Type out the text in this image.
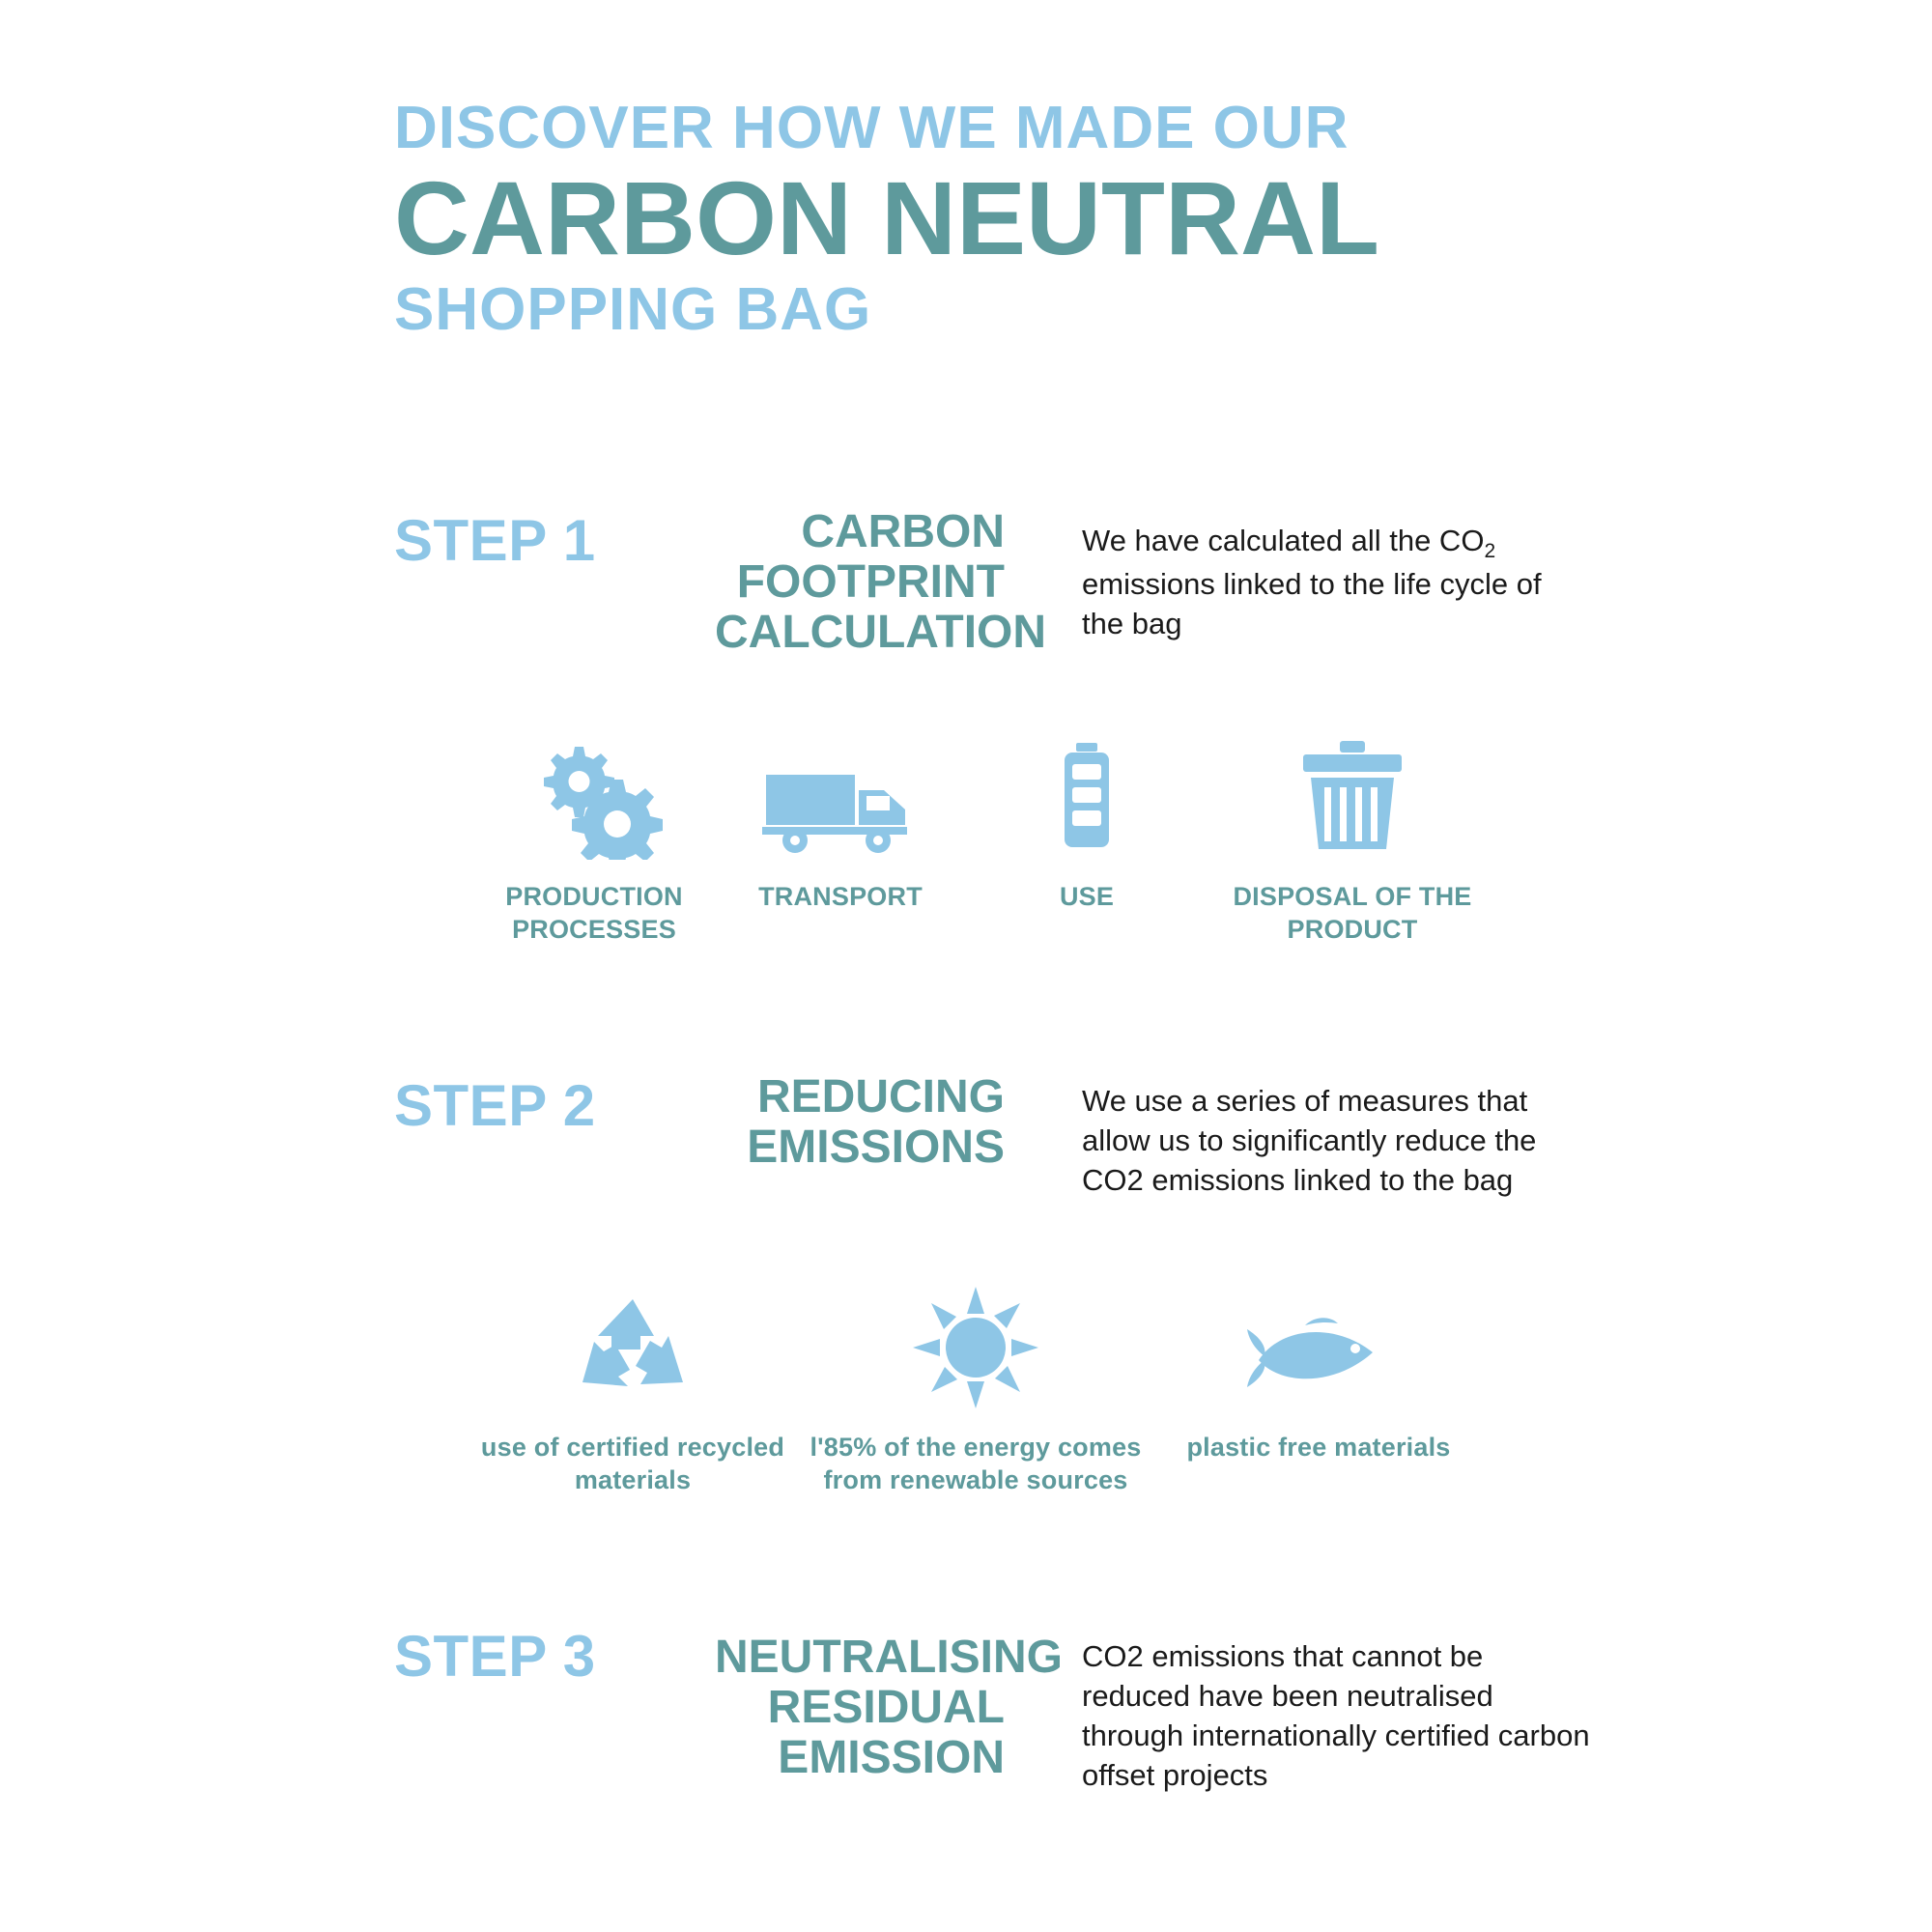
DISCOVER HOW WE MADE OUR
CARBON NEUTRAL
SHOPPING BAG
STEP 1	CARBON FOOTPRINT CALCULATION
We have calculated all the $CO_2$ emissions linked to the life cycle of the bag
PRODUCTION PROCESSES
TRANSPORT	USE	DISPOSAL OF THE PRODUCT
STEP 2	REDUCING EMISSIONS
We use a series of measures that allow us to significantly reduce the CO2 emissions linked to the bag
use of certified recycled materials
l'85% of the energy comes from renewable sources
plastic free materials
STEP 3	NEUTRALISING RESIDUAL EMISSION
CO2 emissions that cannot be reduced have been neutralised through internationally certified carbon offset projects
